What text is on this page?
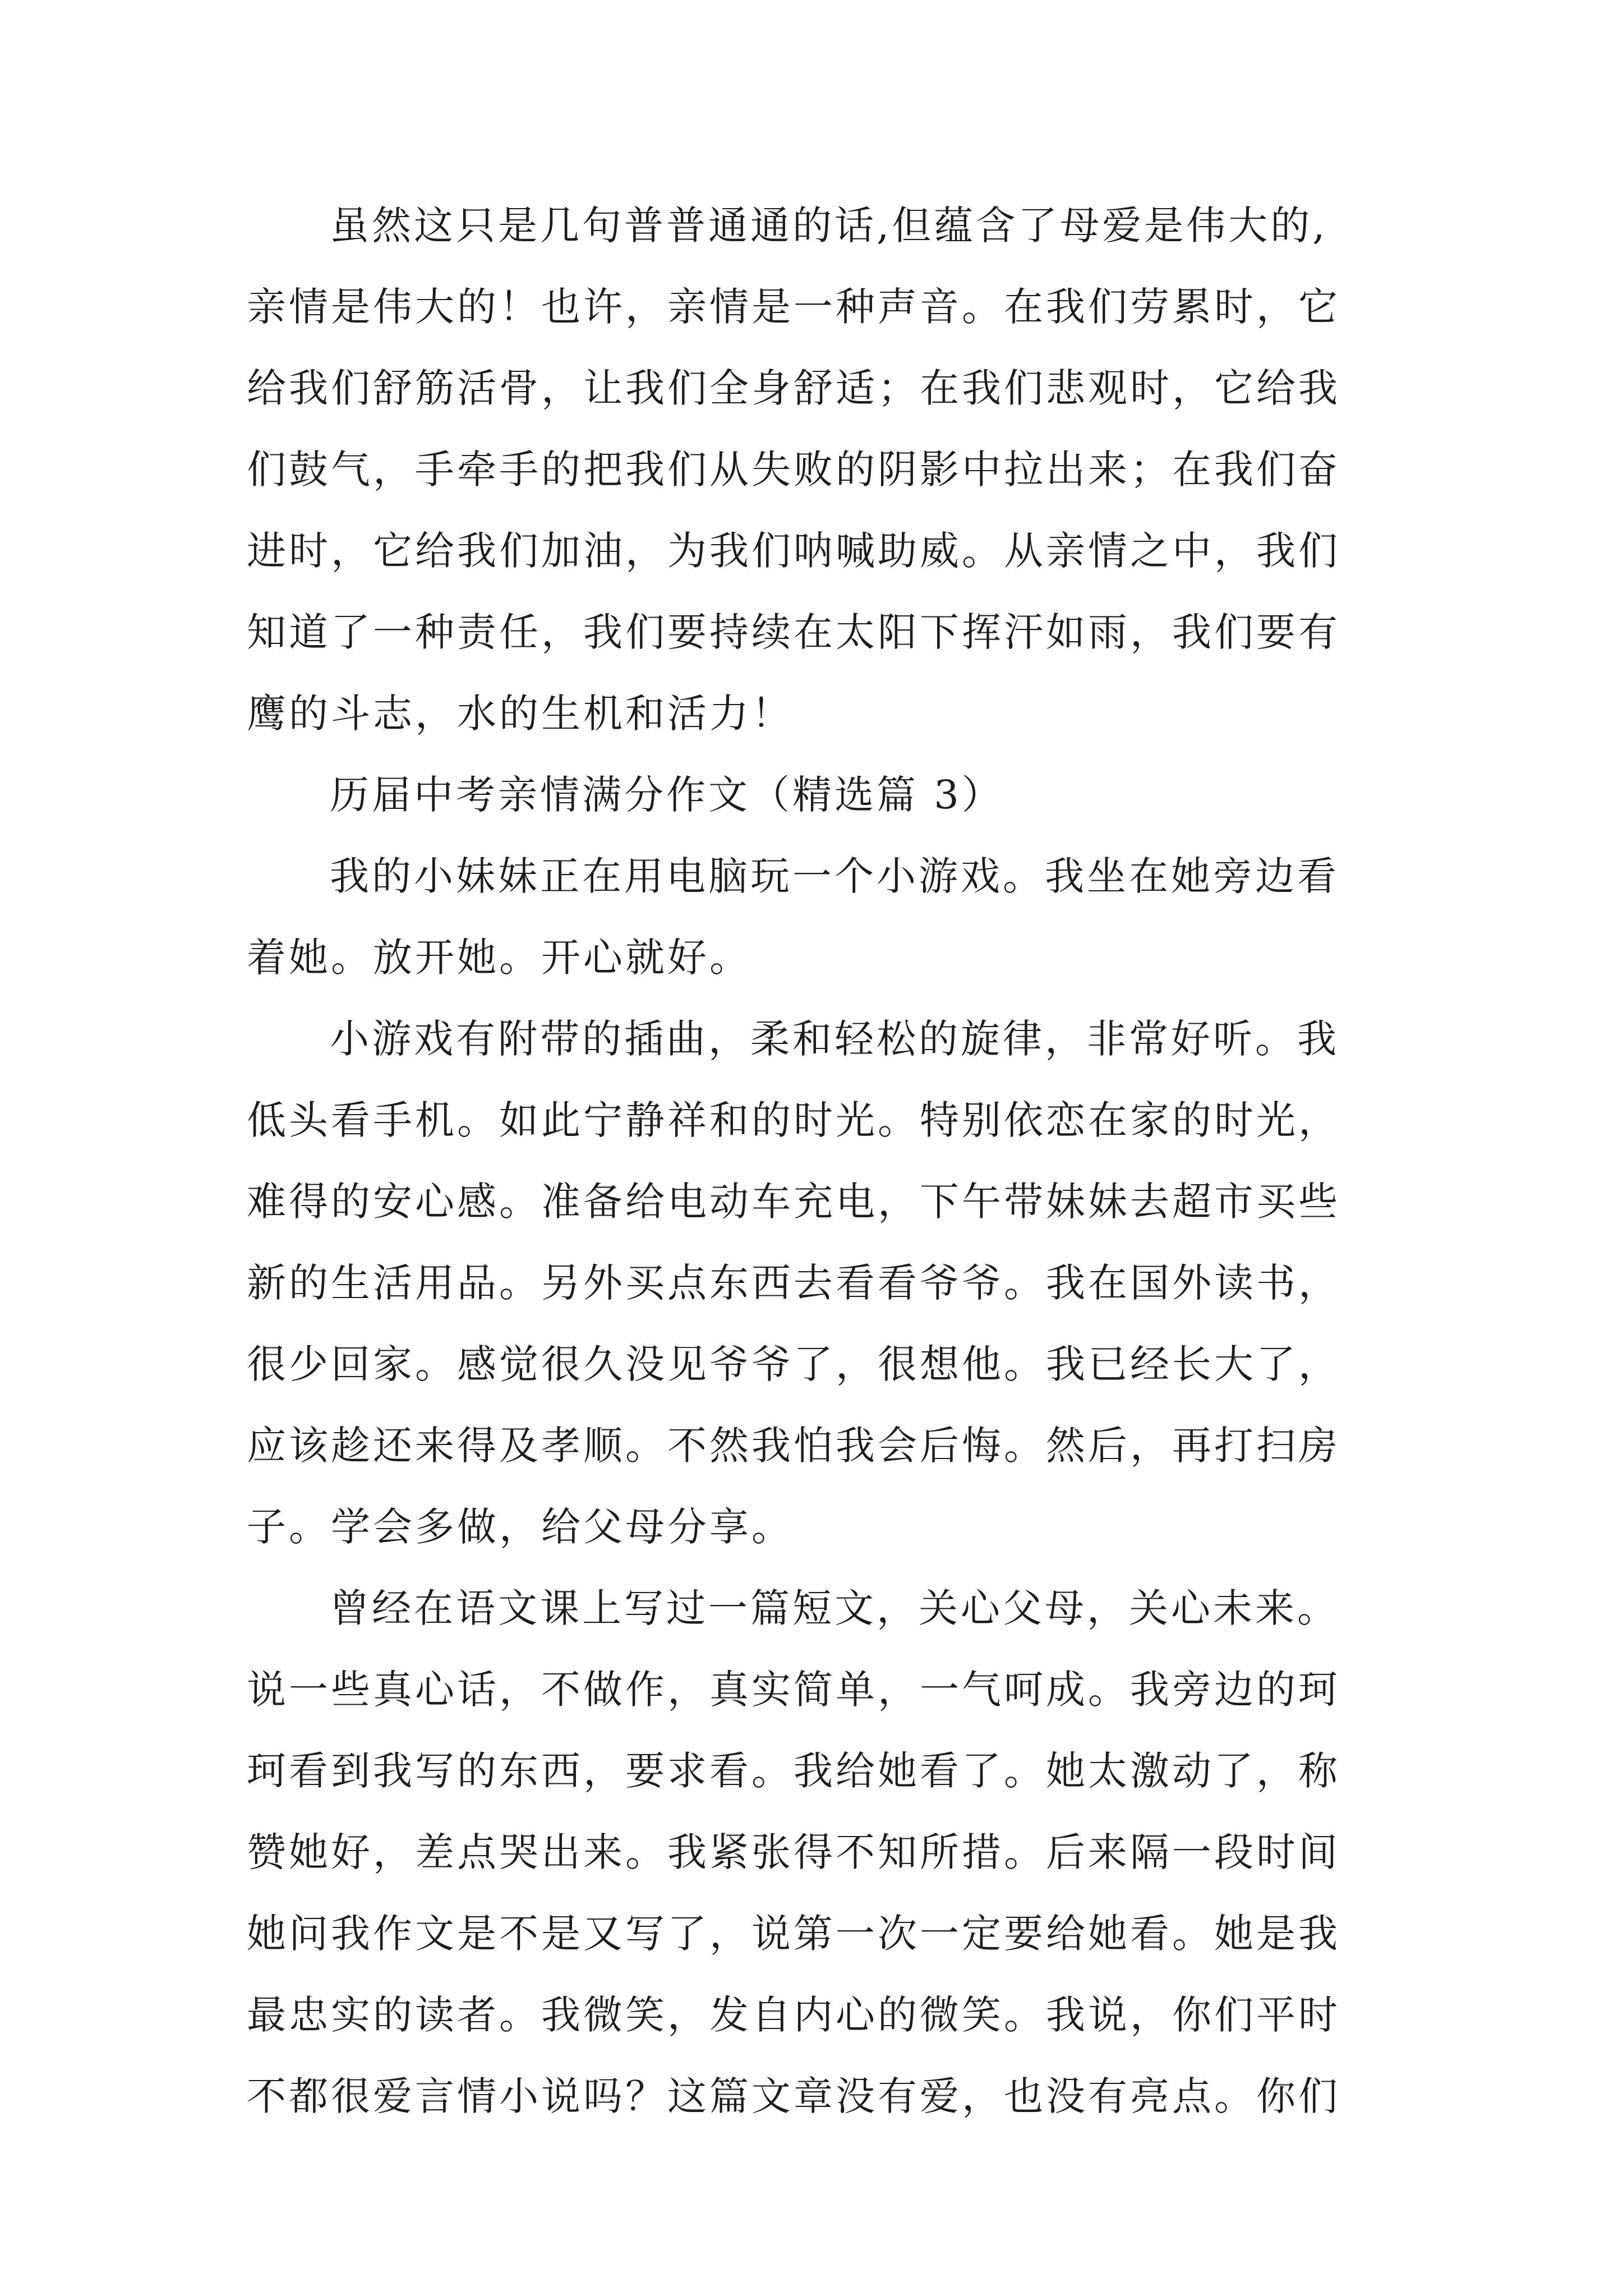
虽然这只是几句普普通通的话,但蕴含了母爱是伟大的,
亲情是伟大的！也许，亲情是一种声音。在我们劳累时，它
给我们舒筋活骨，让我们全身舒适；在我们悲观时，它给我
们鼓气，手牵手的把我们从失败的阴影中拉出来；在我们奋
进时，它给我们加油，为我们呐喊助威。从亲情之中，我们
知道了一种责任，我们要持续在太阳下挥汗如雨，我们要有
鹰的斗志，水的生机和活力！
历届中考亲情满分作文（精选篇 3）
我的小妹妹正在用电脑玩一个小游戏。我坐在她旁边看
着她。放开她。开心就好。
小游戏有附带的插曲，柔和轻松的旋律，非常好听。我
低头看手机。如此宁静祥和的时光。特别依恋在家的时光，
难得的安心感。准备给电动车充电，下午带妹妹去超市买些
新的生活用品。另外买点东西去看看爷爷。我在国外读书，
很少回家。感觉很久没见爷爷了，很想他。我已经长大了，
应该趁还来得及孝顺。不然我怕我会后悔。然后，再打扫房
子。学会多做，给父母分享。
曾经在语文课上写过一篇短文，关心父母，关心未来。
说一些真心话，不做作，真实简单，一气呵成。我旁边的珂
珂看到我写的东西，要求看。我给她看了。她太激动了，称
赞她好，差点哭出来。我紧张得不知所措。后来隔一段时间
她问我作文是不是又写了，说第一次一定要给她看。她是我
最忠实的读者。我微笑，发自内心的微笑。我说，你们平时
不都很爱言情小说吗？这篇文章没有爱，也没有亮点。你们
